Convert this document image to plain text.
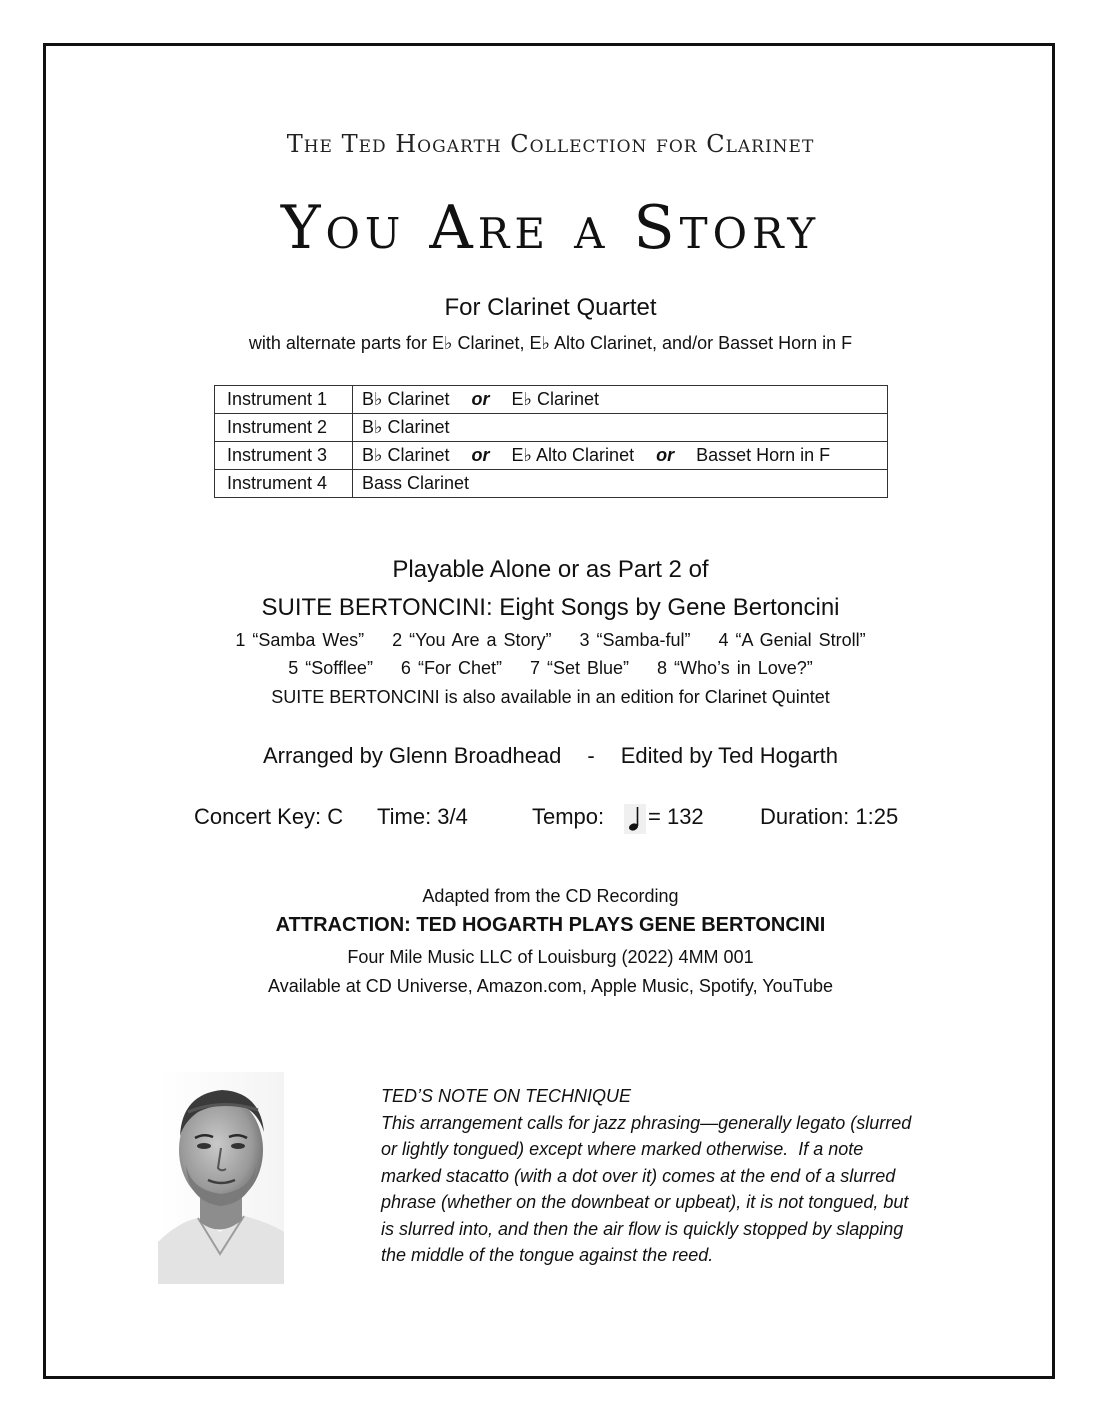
The Ted Hogarth Collection for Clarinet
You Are a Story
For Clarinet Quartet
with alternate parts for E♭ Clarinet, E♭ Alto Clarinet, and/or Basset Horn in F
Instrument 1	B♭ Clarinet or E♭ Clarinet
Instrument 2	B♭ Clarinet
Instrument 3	B♭ Clarinet or E♭ Alto Clarinet or Basset Horn in F
Instrument 4	Bass Clarinet
Playable Alone or as Part 2 of
SUITE BERTONCINI: Eight Songs by Gene Bertoncini
1 “Samba Wes”    2 “You Are a Story”    3 “Samba-ful”    4 “A Genial Stroll”
5 “Sofflee”    6 “For Chet”    7 “Set Blue”    8 “Who’s in Love?”
SUITE BERTONCINI is also available in an edition for Clarinet Quintet
Arranged by Glenn Broadhead - Edited by Ted Hogarth
Concert Key: C Time: 3/4	Tempo: = 132	Duration: 1:25
Adapted from the CD Recording
ATTRACTION: TED HOGARTH PLAYS GENE BERTONCINI
Four Mile Music LLC of Louisburg (2022) 4MM 001
Available at CD Universe, Amazon.com, Apple Music, Spotify, YouTube
TED’S NOTE ON TECHNIQUE
This arrangement calls for jazz phrasing—generally legato (slurred
or lightly tongued) except where marked otherwise.  If a note
marked stacatto (with a dot over it) comes at the end of a slurred
phrase (whether on the downbeat or upbeat), it is not tongued, but
is slurred into, and then the air flow is quickly stopped by slapping
the middle of the tongue against the reed.
